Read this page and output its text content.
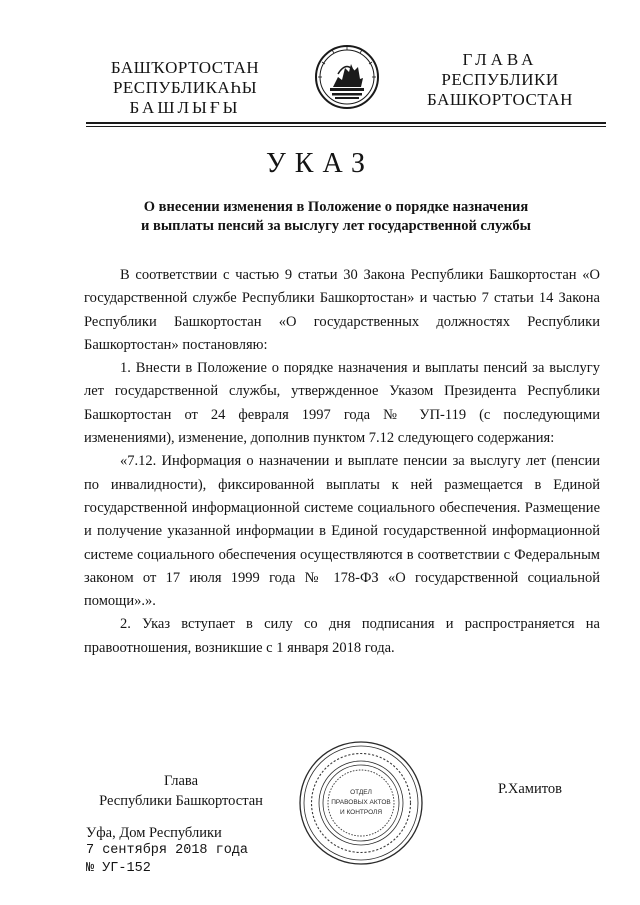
БАШҠОРТОСТАН
РЕСПУБЛИКАҺЫ
БАШЛЫҒЫ
ГЛАВА
РЕСПУБЛИКИ
БАШКОРТОСТАН
УКАЗ
О внесении изменения в Положение о порядке назначения
и выплаты пенсий за выслугу лет государственной службы

В соответствии с частью 9 статьи 30 Закона Республики Башкортостан «О государственной службе Республики Башкортостан» и частью 7 статьи 14 Закона Республики Башкортостан «О государственных должностях Республики Башкортостан» постановляю:

1. Внести в Положение о порядке назначения и выплаты пенсий за выслугу лет государственной службы, утвержденное Указом Президента Республики Башкортостан от 24 февраля 1997 года № УП-119 (с последующими изменениями), изменение, дополнив пунктом 7.12 следующего содержания:

«7.12. Информация о назначении и выплате пенсии за выслугу лет (пенсии по инвалидности), фиксированной выплаты к ней размещается в Единой государственной информационной системе социального обеспечения. Размещение и получение указанной информации в Единой государственной информационной системе социального обеспечения осуществляются в соответствии с Федеральным законом от 17 июля 1999 года № 178-ФЗ «О государственной социальной помощи».».

2. Указ вступает в силу со дня подписания и распространяется на правоотношения, возникшие с 1 января 2018 года.

Глава
Республики Башкортостан
ОТДЕЛ
ПРАВОВЫХ АКТОВ
И КОНТРОЛЯ
Р.Хамитов
Уфа, Дом Республики
7 сентября 2018 года
№ УГ-152
